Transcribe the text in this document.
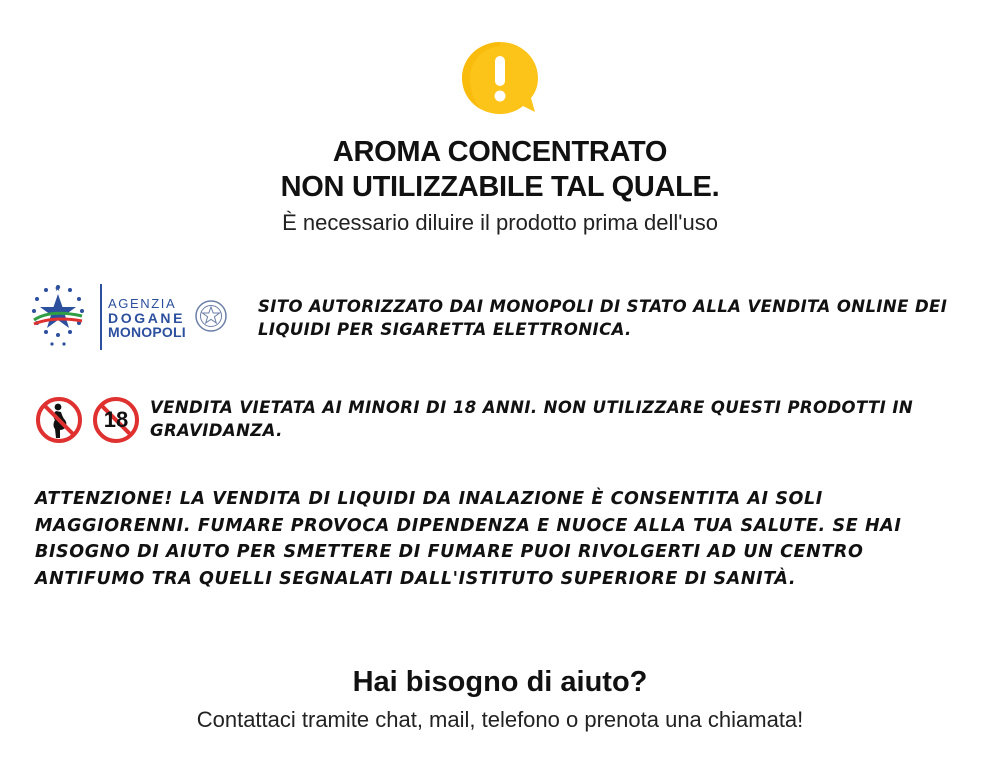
AROMA CONCENTRATO
NON UTILIZZABILE TAL QUALE.
È necessario diluire il prodotto prima dell'uso
AGENZIA
DOGANE
MONOPOLI
SITO AUTORIZZATO DAI MONOPOLI DI STATO ALLA VENDITA ONLINE DEI LIQUIDI PER SIGARETTA ELETTRONICA.
18	VENDITA VIETATA AI MINORI DI 18 ANNI. NON UTILIZZARE QUESTI PRODOTTI IN GRAVIDANZA.
ATTENZIONE! LA VENDITA DI LIQUIDI DA INALAZIONE È CONSENTITA AI SOLI MAGGIORENNI. FUMARE PROVOCA DIPENDENZA E NUOCE ALLA TUA SALUTE. SE HAI BISOGNO DI AIUTO PER SMETTERE DI FUMARE PUOI RIVOLGERTI AD UN CENTRO ANTIFUMO TRA QUELLI SEGNALATI DALL'ISTITUTO SUPERIORE DI SANITÀ.
Hai bisogno di aiuto?
Contattaci tramite chat, mail, telefono o prenota una chiamata!
